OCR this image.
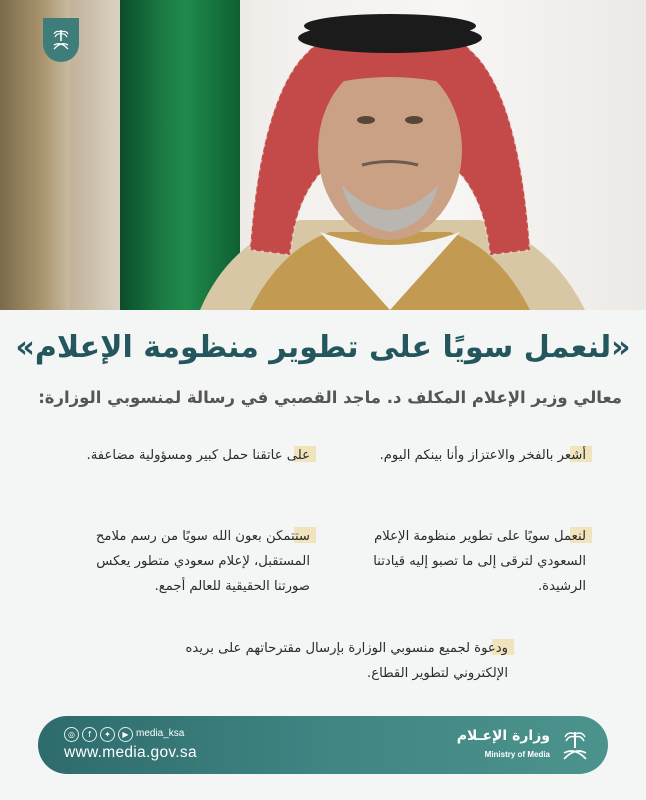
«لنعمل سويًا على تطوير منظومة الإعلام»
معالي وزير الإعلام المكلف د. ماجد القصبي في رسالة لمنسوبي الوزارة:
أشعر بالفخر والاعتزاز وأنا بينكم اليوم.
على عاتقنا حمل كبير ومسؤولية مضاعفة.
لنعمل سويًا على تطوير منظومة الإعلام السعودي لترقى إلى ما تصبو إليه قيادتنا الرشيدة.
ستتمكن بعون الله سويًا من رسم ملامح المستقبل، لإعلام سعودي متطور يعكس صورتنا الحقيقية للعالم أجمع.
ودعوة لجميع منسوبي الوزارة بإرسال مقترحاتهم على بريده الإلكتروني لتطوير القطاع.
◎	f	✦	▶ media_ksa
www.media.gov.sa
وزارة الإعـلام
Ministry of Media
